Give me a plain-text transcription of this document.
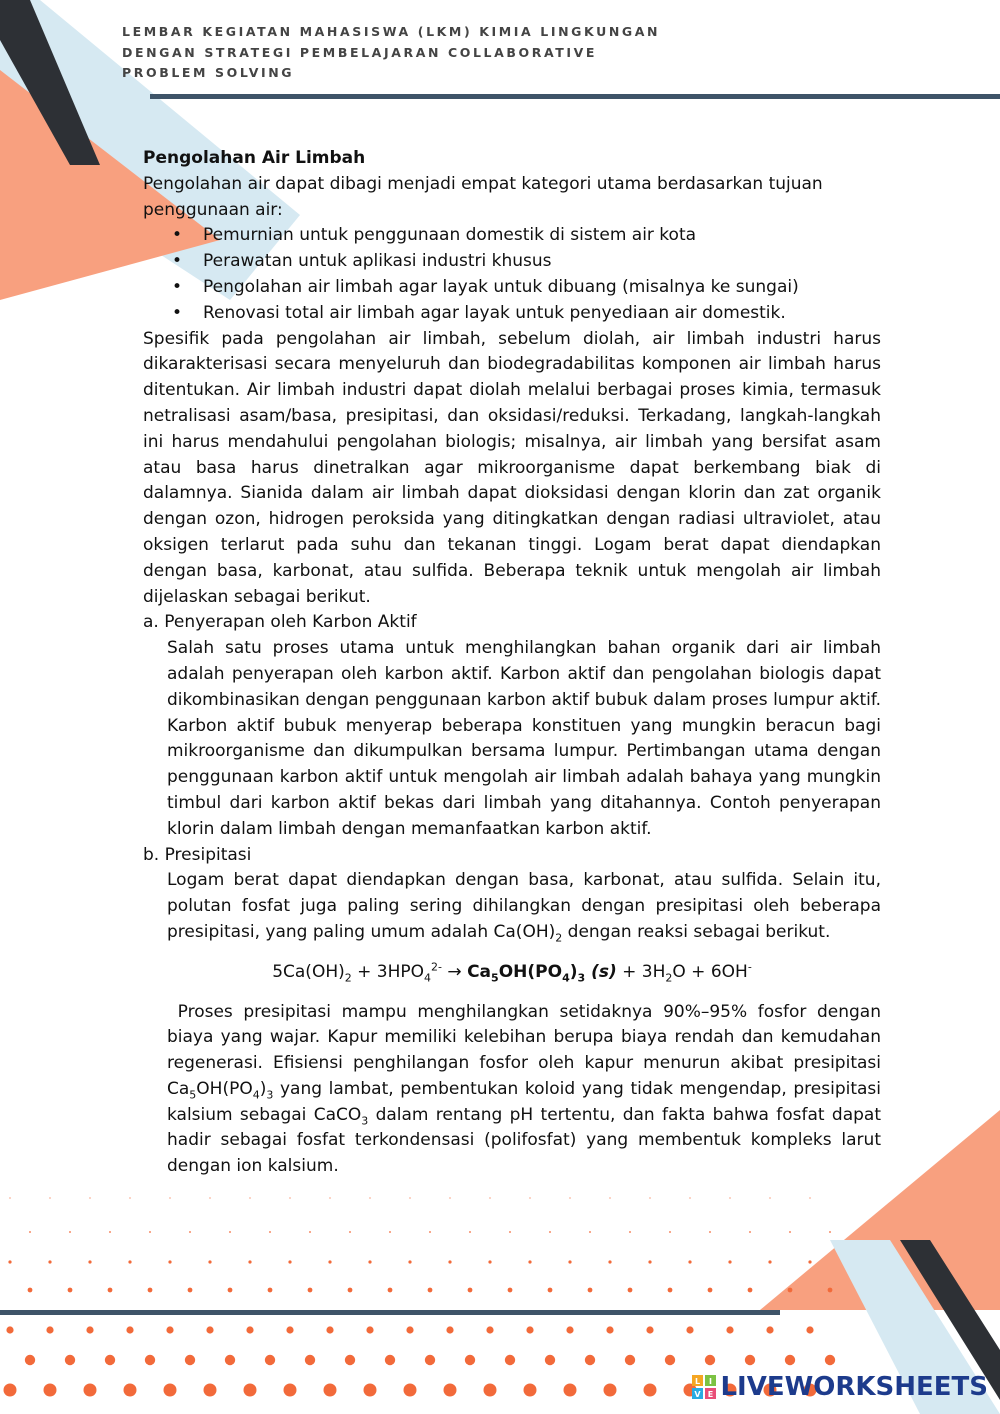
LEMBAR KEGIATAN MAHASISWA (LKM) KIMIA LINGKUNGAN
DENGAN STRATEGI PEMBELAJARAN COLLABORATIVE
PROBLEM SOLVING
Pengolahan Air Limbah
Pengolahan air dapat dibagi menjadi empat kategori utama berdasarkan tujuan penggunaan air:
• Pemurnian untuk penggunaan domestik di sistem air kota
• Perawatan untuk aplikasi industri khusus
• Pengolahan air limbah agar layak untuk dibuang (misalnya ke sungai)
• Renovasi total air limbah agar layak untuk penyediaan air domestik.
Spesifik pada pengolahan air limbah, sebelum diolah, air limbah industri harus dikarakterisasi secara menyeluruh dan biodegradabilitas komponen air limbah harus ditentukan. Air limbah industri dapat diolah melalui berbagai proses kimia, termasuk netralisasi asam/basa, presipitasi, dan oksidasi/reduksi. Terkadang, langkah-langkah ini harus mendahului pengolahan biologis; misalnya, air limbah yang bersifat asam atau basa harus dinetralkan agar mikroorganisme dapat berkembang biak di dalamnya. Sianida dalam air limbah dapat dioksidasi dengan klorin dan zat organik dengan ozon, hidrogen peroksida yang ditingkatkan dengan radiasi ultraviolet, atau oksigen terlarut pada suhu dan tekanan tinggi. Logam berat dapat diendapkan dengan basa, karbonat, atau sulfida. Beberapa teknik untuk mengolah air limbah dijelaskan sebagai berikut.
a. Penyerapan oleh Karbon Aktif
Salah satu proses utama untuk menghilangkan bahan organik dari air limbah adalah penyerapan oleh karbon aktif. Karbon aktif dan pengolahan biologis dapat dikombinasikan dengan penggunaan karbon aktif bubuk dalam proses lumpur aktif. Karbon aktif bubuk menyerap beberapa konstituen yang mungkin beracun bagi mikroorganisme dan dikumpulkan bersama lumpur. Pertimbangan utama dengan penggunaan karbon aktif untuk mengolah air limbah adalah bahaya yang mungkin timbul dari karbon aktif bekas dari limbah yang ditahannya. Contoh penyerapan klorin dalam limbah dengan memanfaatkan karbon aktif.
b. Presipitasi
Logam berat dapat diendapkan dengan basa, karbonat, atau sulfida. Selain itu, polutan fosfat juga paling sering dihilangkan dengan presipitasi oleh beberapa presipitasi, yang paling umum adalah $Ca(OH)_2$ dengan reaksi sebagai berikut.
$5Ca(OH)_2 + 3HPO_4^{2-} \to Ca_5OH(PO_4)_3$ $(s) + 3H_2O + 6OH^-$
Proses presipitasi mampu menghilangkan setidaknya 90%–95% fosfor dengan biaya yang wajar. Kapur memiliki kelebihan berupa biaya rendah dan kemudahan regenerasi. Efisiensi penghilangan fosfor oleh kapur menurun akibat presipitasi $Ca_5OH(PO_4)_3$ yang lambat, pembentukan koloid yang tidak mengendap, presipitasi kalsium sebagai CaCO$_3$ dalam rentang pH tertentu, dan fakta bahwa fosfat dapat hadir sebagai fosfat terkondensasi (polifosfat) yang membentuk kompleks larut dengan ion kalsium.
L I
V E LIVEWORKSHEETS
